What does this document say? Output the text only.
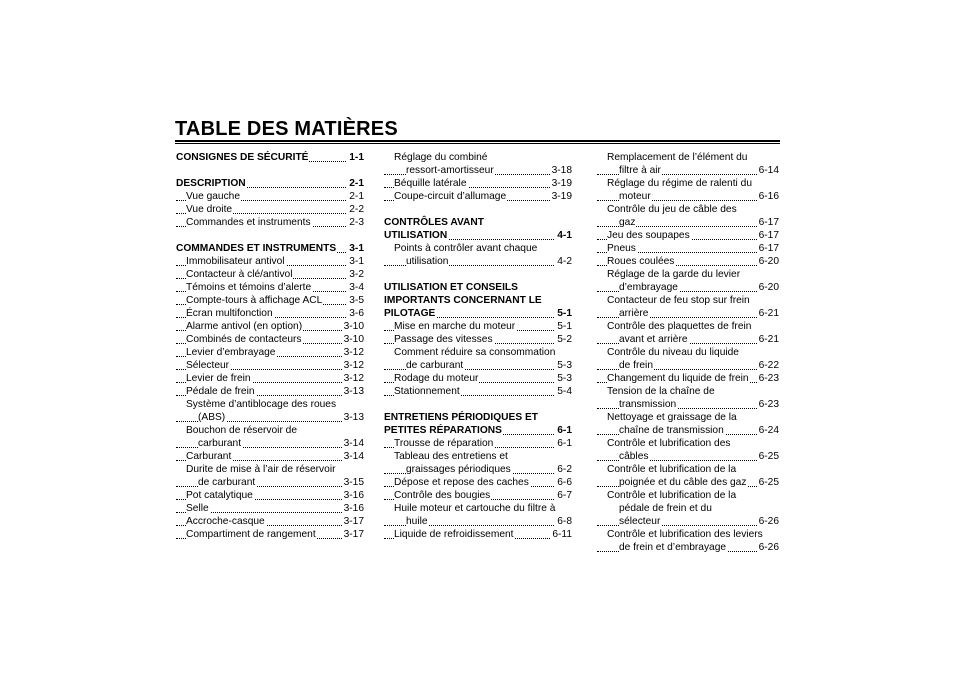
TABLE DES MATIÈRES
CONSIGNES DE SÉCURITÉ	1-1
DESCRIPTION	2-1
Vue gauche	2-1
Vue droite	2-2
Commandes et instruments	2-3
COMMANDES ET INSTRUMENTS 3-1
Immobilisateur antivol	3-1
Contacteur à clé/antivol	3-2
Témoins et témoins d’alerte	3-4
Compte-tours à affichage ACL	3-5
Écran multifonction	3-6
Alarme antivol (en option)	3-10
Combinés de contacteurs	3-10
Levier d’embrayage	3-12
Sélecteur	3-12
Levier de frein	3-12
Pédale de frein	3-13
Système d’antiblocage des roues
(ABS)	3-13
Bouchon de réservoir de
carburant	3-14
Carburant	3-14
Durite de mise à l’air de réservoir
de carburant	3-15
Pot catalytique	3-16
Selle	3-16
Accroche-casque	3-17
Compartiment de rangement	3-17
Réglage du combiné
ressort-amortisseur	3-18
Béquille latérale	3-19
Coupe-circuit d’allumage	3-19
CONTRÔLES AVANT
UTILISATION	4-1
Points à contrôler avant chaque
utilisation	4-2
UTILISATION ET CONSEILS
IMPORTANTS CONCERNANT LE
PILOTAGE	5-1
Mise en marche du moteur	5-1
Passage des vitesses	5-2
Comment réduire sa consommation
de carburant	5-3
Rodage du moteur	5-3
Stationnement	5-4
ENTRETIENS PÉRIODIQUES ET
PETITES RÉPARATIONS	6-1
Trousse de réparation	6-1
Tableau des entretiens et
graissages périodiques	6-2
Dépose et repose des caches	6-6
Contrôle des bougies	6-7
Huile moteur et cartouche du filtre à
huile	6-8
Liquide de refroidissement	6-11
Remplacement de l’élément du
filtre à air	6-14
Réglage du régime de ralenti du
moteur	6-16
Contrôle du jeu de câble des
gaz	6-17
Jeu des soupapes	6-17
Pneus	6-17
Roues coulées	6-20
Réglage de la garde du levier
d’embrayage	6-20
Contacteur de feu stop sur frein
arrière	6-21
Contrôle des plaquettes de frein
avant et arrière	6-21
Contrôle du niveau du liquide
de frein	6-22
Changement du liquide de frein 6-23
Tension de la chaîne de
transmission	6-23
Nettoyage et graissage de la
chaîne de transmission	6-24
Contrôle et lubrification des
câbles	6-25
Contrôle et lubrification de la
poignée et du câble des gaz 6-25
Contrôle et lubrification de la
pédale de frein et du
sélecteur	6-26
Contrôle et lubrification des leviers
de frein et d’embrayage	6-26
